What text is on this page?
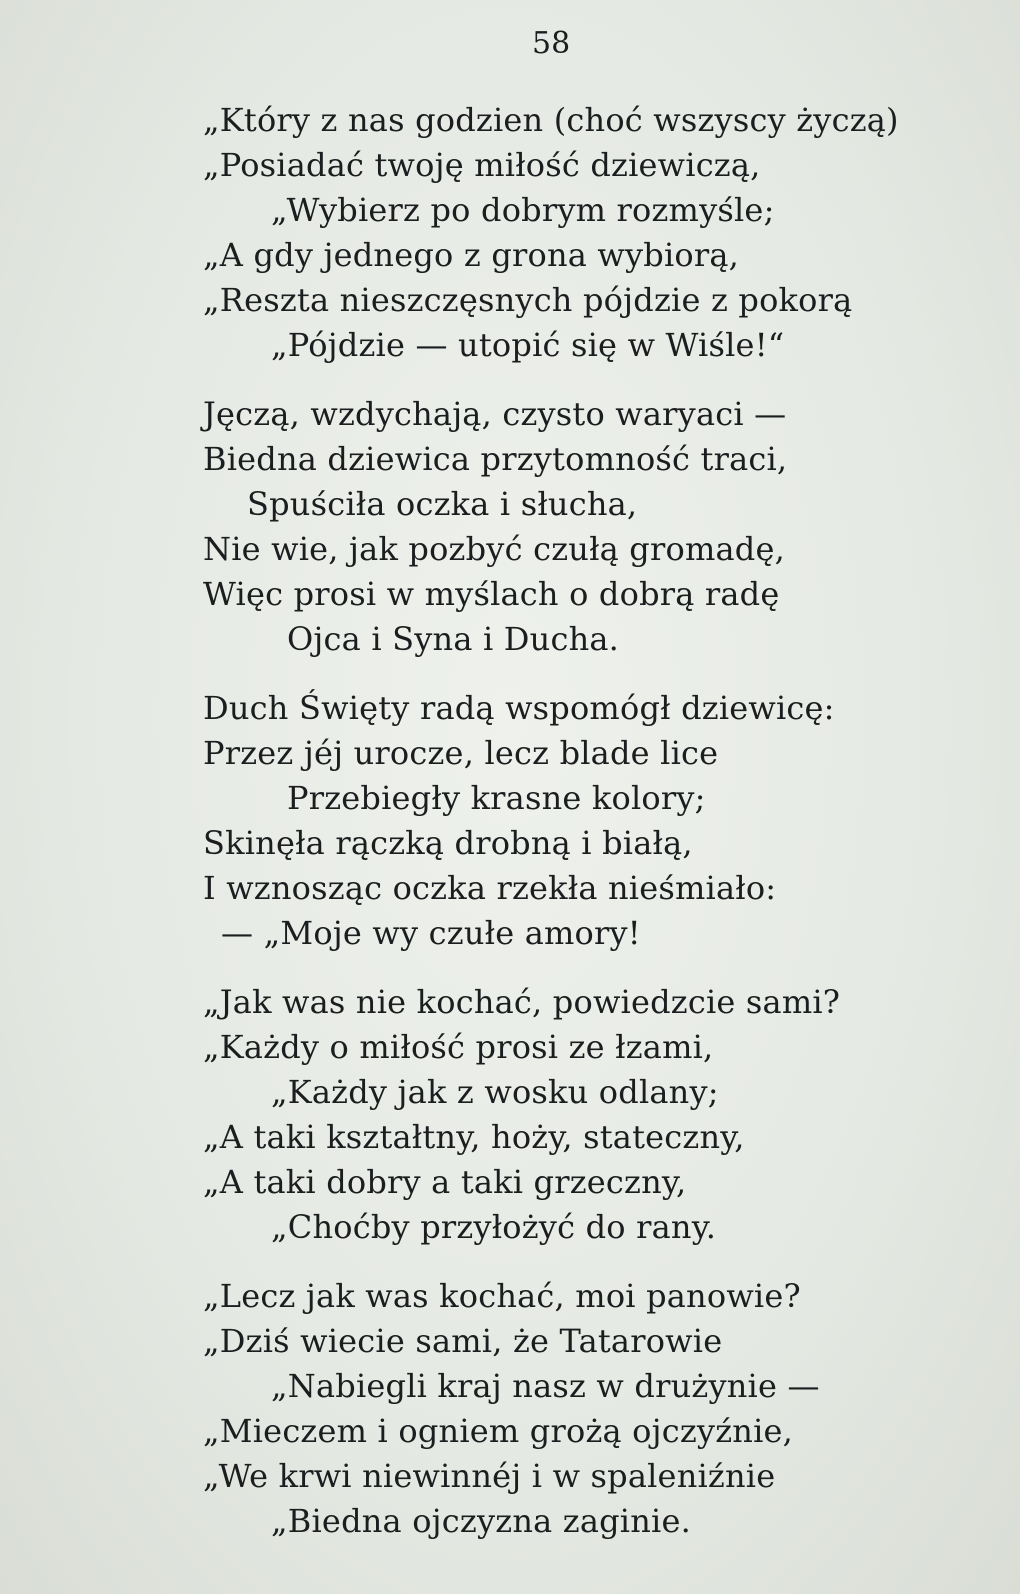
58
„Który z nas godzien (choć wszyscy życzą)
„Posiadać twoję miłość dziewiczą,
„Wybierz po dobrym rozmyśle;
„A gdy jednego z grona wybiorą,
„Reszta nieszczęsnych pójdzie z pokorą
„Pójdzie — utopić się w Wiśle!“
Jęczą, wzdychają, czysto waryaci —
Biedna dziewica przytomność traci,
Spuściła oczka i słucha,
Nie wie, jak pozbyć czułą gromadę,
Więc prosi w myślach o dobrą radę
Ojca i Syna i Ducha.
Duch Święty radą wspomógł dziewicę:
Przez jéj urocze, lecz blade lice
Przebiegły krasne kolory;
Skinęła rączką drobną i białą,
I wznosząc oczka rzekła nieśmiało:
— „Moje wy czułe amory!
„Jak was nie kochać, powiedzcie sami?
„Każdy o miłość prosi ze łzami,
„Każdy jak z wosku odlany;
„A taki kształtny, hoży, stateczny,
„A taki dobry a taki grzeczny,
„Choćby przyłożyć do rany.
„Lecz jak was kochać, moi panowie?
„Dziś wiecie sami, że Tatarowie
„Nabiegli kraj nasz w drużynie —
„Mieczem i ogniem grożą ojczyźnie,
„We krwi niewinnéj i w spaleniźnie
„Biedna ojczyzna zaginie.
